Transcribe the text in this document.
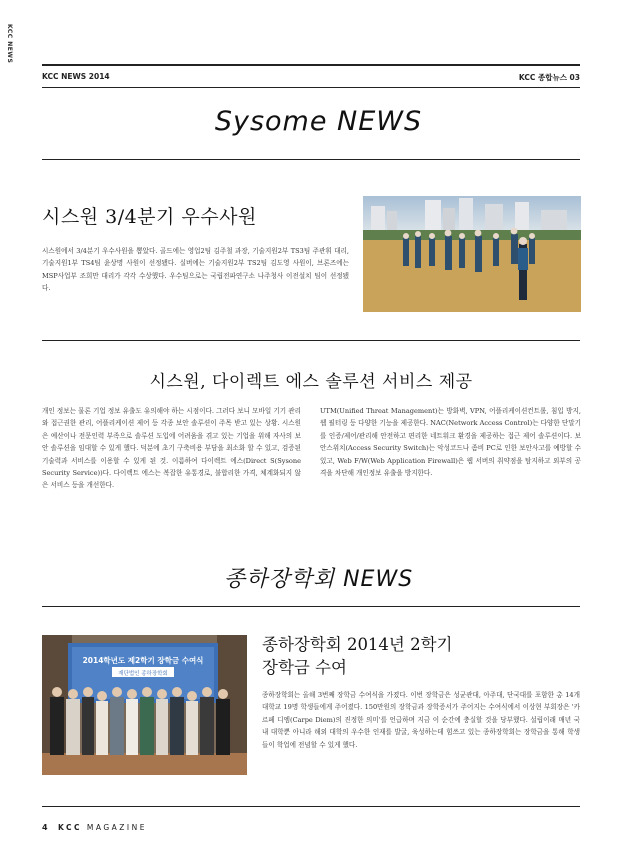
KCC NEWS
KCC NEWS 2014	KCC 종합뉴스 03
Sysome NEWS
시스원 3/4분기 우수사원
시스원에서 3/4분기 우수사원을 뽑았다. 골드에는 영업2팀 김주철 과장, 기술지원2부 TS3팀 주관휘 대리, 기술지원1부 TS4팀 윤상명 사원이 선정됐다. 실버에는 기술지원2부 TS2팀 김도영 사원이, 브론즈에는 MSP사업부 조희만 대리가 각각 수상했다. 우수팀으로는 국립전파연구소 나주청사 이전설치 팀이 선정됐다.
시스원, 다이렉트 에스 솔루션 서비스 제공
개인 정보는 물론 기업 정보 유출도 유의해야 하는 시점이다. 그러다 보니 모바일 기기 관리와 접근권한 관리, 어플리케이션 제어 등 각종 보안 솔루션이 주목 받고 있는 상황. 시스원은 예산이나 전문인력 부족으로 솔루션 도입에 어려움을 겪고 있는 기업을 위해 자사의 보안 솔루션을 임대할 수 있게 했다. 덕분에 초기 구축비용 부담을 최소화 할 수 있고, 검증된 기술력과 서비스를 이용할 수 있게 된 것. 이름하여 다이렉트 에스(Direct S(Sysone Security Service))다. 다이렉트 에스는 복잡한 유통경로, 불합리한 가격, 체계화되지 않은 서비스 등을 개선한다.
UTM(Unified Threat Management)는 방화벽, VPN, 어플리케이션컨트롤, 침입 방지, 웹 필터링 등 다양한 기능을 제공한다. NAC(Network Access Control)는 다양한 단말기를 인증/제어/관리해 안전하고 편리한 네트워크 환경을 제공하는 접근 제어 솔루션이다. 보안스위치(Access Security Switch)는 악성코드나 좀비 PC로 인한 보안사고를 예방할 수 있고, Web F/W(Web Application Firewall)은 웹 서버의 취약점을 탐지하고 외부의 공격을 차단해 개인정보 유출을 방지한다.
종하장학회 NEWS
2014학년도 제2학기 장학금 수여식
재단법인 종하장학회
종하장학회 2014년 2학기
장학금 수여
종하장학회는 올해 3번째 장학금 수여식을 가졌다. 이번 장학금은 성균관대, 아주대, 단국대를 포함한 총 14개 대학교 19명 학생들에게 주어졌다. 150만원의 장학금과 장학증서가 주어지는 수여식에서 이상현 부회장은 '카르페 디엠(Carpe Diem)의 진정한 의미'를 언급하며 지금 이 순간에 충실할 것을 당부했다. 설립이래 매년 국내 대학뿐 아니라 해외 대학의 우수한 인재를 발굴, 육성하는데 힘쓰고 있는 종하장학회는 장학금을 통해 학생들이 학업에 전념할 수 있게 했다.
4 KCC MAGAZINE
